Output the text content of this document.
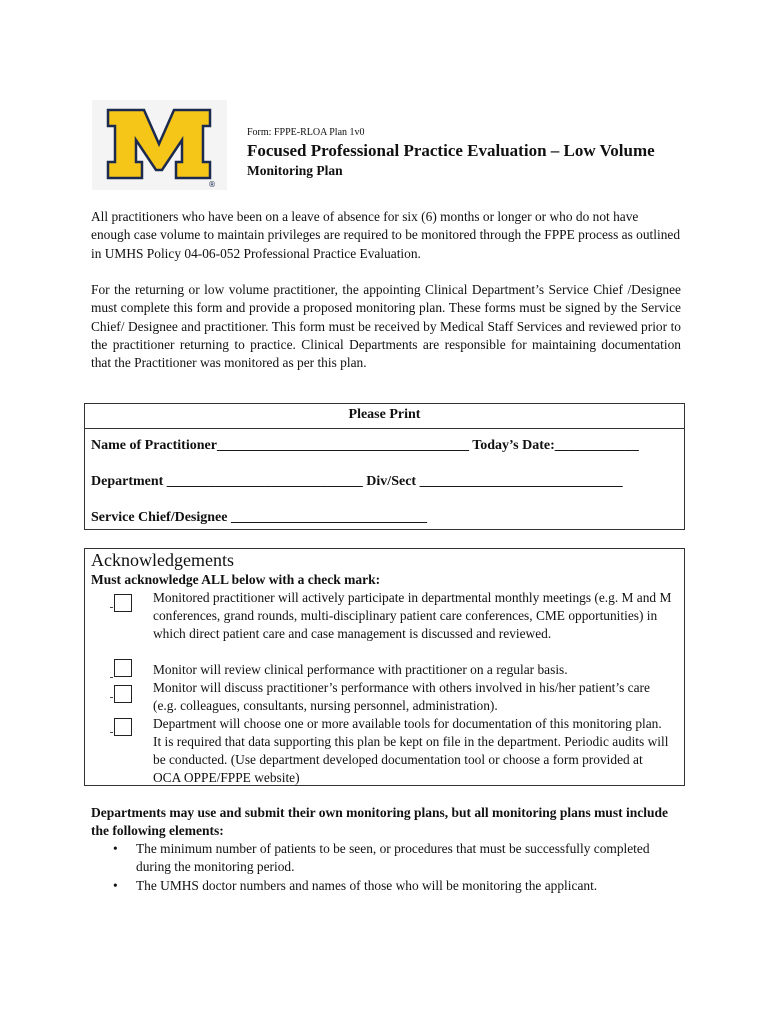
®
Form: FPPE-RLOA Plan 1v0
Focused Professional Practice Evaluation – Low Volume
Monitoring Plan

All practitioners who have been on a leave of absence for six (6) months or longer or who do not have enough case volume to maintain privileges are required to be monitored through the FPPE process as outlined in UMHS Policy 04-06-052 Professional Practice Evaluation.

For the returning or low volume practitioner, the appointing Clinical Department’s Service Chief /Designee must complete this form and provide a proposed monitoring plan. These forms must be signed by the Service Chief/ Designee and practitioner. This form must be received by Medical Staff Services and reviewed prior to the practitioner returning to practice. Clinical Departments are responsible for maintaining documentation that the Practitioner was monitored as per this plan.

Please Print
Name of Practitioner____________________________________ Today’s Date:____________
Department ____________________________ Div/Sect _____________________________
Service Chief/Designee ____________________________
Acknowledgements
Must acknowledge ALL below with a check mark:

Monitored practitioner will actively participate in departmental monthly meetings (e.g. M and M conferences, grand rounds, multi-disciplinary patient care conferences, CME opportunities) in which direct patient care and case management is discussed and reviewed.

Monitor will review clinical performance with practitioner on a regular basis.

Monitor will discuss practitioner’s performance with others involved in his/her patient’s care (e.g. colleagues, consultants, nursing personnel, administration).

Department will choose one or more available tools for documentation of this monitoring plan. It is required that data supporting this plan be kept on file in the department. Periodic audits will be conducted. (Use department developed documentation tool or choose a form provided at OCA OPPE/FPPE website)

Departments may use and submit their own monitoring plans, but all monitoring plans must include the following elements:

• The minimum number of patients to be seen, or procedures that must be successfully completed during the monitoring period.
• The UMHS doctor numbers and names of those who will be monitoring the applicant.
